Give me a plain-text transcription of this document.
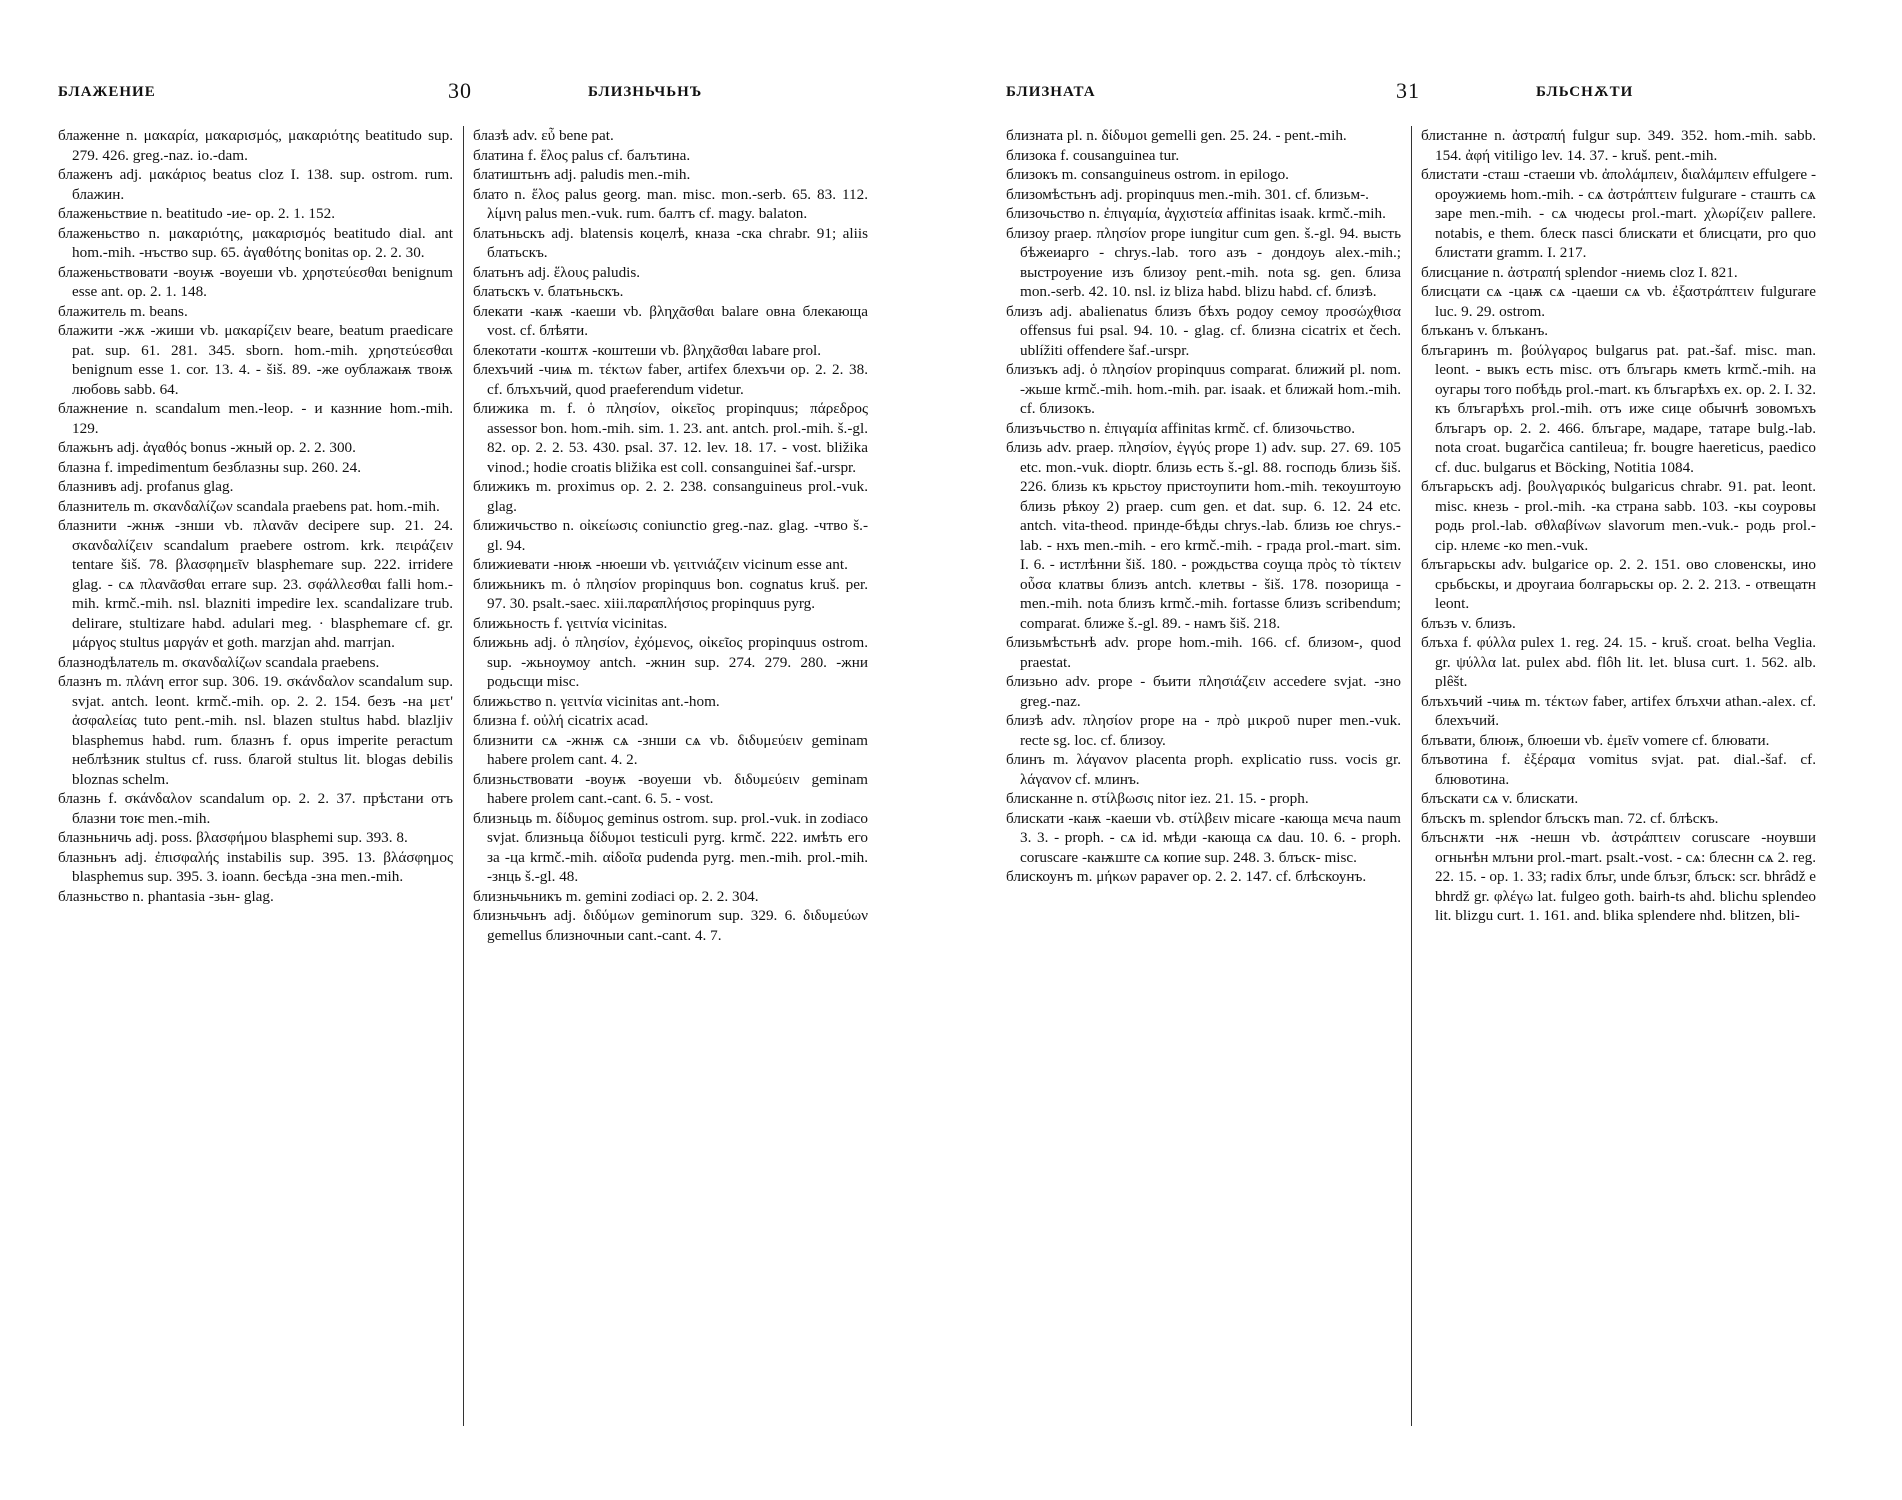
БЛАЖЕНИЕ	30	БЛИЗНЬЧЬНЪ

блаженне n. μακαρία, μακαρισμός, μακαριότης beatitudo sup. 279. 426. greg.-naz. io.-dam.

блаженъ adj. μακάριος beatus cloz I. 138. sup. ostrom. rum. блажин.

блаженьствие n. beatitudo -ие- op. 2. 1. 152.

блаженьство n. μακαριότης, μακαρισμός beatitudo dial. ant hom.-mih. -нъство sup. 65. ἀγαθότης bonitas op. 2. 2. 30.

блаженьствовати -воуѭ -воуеши vb. χρηστεύεσθαι benignum esse ant. op. 2. 1. 148.

блажитель m. beans.

блажити -жѫ -жиши vb. μακαρίζειν beare, beatum praedicare pat. sup. 61. 281. 345. sborn. hom.-mih. χρηστεύεσθαι benignum esse 1. cor. 13. 4. - šiš. 89. -же оублажаѭ твоѭ любовь sabb. 64.

блажнение n. scandalum men.-leop. - и казнние hom.-mih. 129.

блажьнъ adj. ἀγαθός bonus -жный op. 2. 2. 300.

блазна f. impedimentum безблазны sup. 260. 24.

блазнивъ adj. profanus glag.

блазнитель m. σκανδαλίζων scandala praebens pat. hom.-mih.

блазнити -жнѭ -знши vb. πλανᾶν decipere sup. 21. 24. σκανδαλίζειν scandalum praebere ostrom. krk. πειράζειν tentare šiš. 78. βλασφημεῖν blasphemare sup. 222. irridere glag. - сѧ πλανᾶσθαι errare sup. 23. σφάλλεσθαι falli hom.-mih. krmč.-mih. nsl. blazniti impedire lex. scandalizare trub. delirare, stultizare habd. adulari meg. · blasphemare cf. gr. μάργος stultus μαργάν et goth. marzjan ahd. marrjan.

блазнодѣлатель m. σκανδαλίζων scandala praebens.

блазнъ m. πλάνη error sup. 306. 19. σκάνδαλον scandalum sup. svjat. antch. leont. krmč.-mih. op. 2. 2. 154. безъ -на μετ' ἀσφαλείας tuto pent.-mih. nsl. blazen stultus habd. blazljiv blasphemus habd. rum. блазнъ f. opus imperite peractum неблѣзник stultus cf. russ. благой stultus lit. blogas debilis bloznas schelm.

блазнь f. σκάνδαλον scandalum op. 2. 2. 37. прѣстани отъ блазни тоѥ men.-mih.

блазньничь adj. poss. βλασφήμου blasphemi sup. 393. 8.

блазньнъ adj. ἐπισφαλής instabilis sup. 395. 13. βλάσφημος blasphemus sup. 395. 3. ioann. бесѣда -зна men.-mih.

блазньство n. phantasia -зьн- glag.

блазѣ adv. εὖ bene pat.

блатина f. ἕλος palus cf. балътина.

блатиштьнъ adj. paludis men.-mih.

блато n. ἕλος palus georg. man. misc. mon.-serb. 65. 83. 112. λίμνη palus men.-vuk. rum. балтъ cf. magy. balaton.

блатьньскъ adj. blatensis коцелѣ, кназа -ска chrabr. 91; aliis блатьскъ.

блатьнъ adj. ἕλους paludis.

блатьскъ v. блатьньскъ.

блекати -каѭ -каеши vb. βληχᾶσθαι balare овна блекающа vost. cf. блѣяти.

блекотати -коштѫ -коштеши vb. βληχᾶσθαι labare prol.

блехъчий -чиѩ m. τέκτων faber, artifex блехъчи op. 2. 2. 38. cf. блъхъчий, quod praeferendum videtur.

ближика m. f. ὁ πλησίον, οἰκεῖος propinquus; πάρεδρος assessor bon. hom.-mih. sim. 1. 23. ant. antch. prol.-mih. š.-gl. 82. op. 2. 2. 53. 430. psal. 37. 12. lev. 18. 17. - vost. bližika vinod.; hodie croatis bližika est coll. consanguinei šaf.-urspr.

ближикъ m. proximus op. 2. 2. 238. consanguineus prol.-vuk. glag.

ближичьство n. οἰκείωσις coniunctio greg.-naz. glag. -чтво š.-gl. 94.

ближиевати -нюѭ -нюеши vb. γειτνιάζειν vicinum esse ant.

ближьникъ m. ὁ πλησίον propinquus bon. cognatus kruš. per. 97. 30. psalt.-saec. xiii.παραπλήσιος propinquus pyrg.

ближьность f. γειτνία vicinitas.

ближьнь adj. ὁ πλησίον, ἐχόμενος, οἰκεῖος propinquus ostrom. sup. -жьноумоу antch. -жнин sup. 274. 279. 280. -жни родьсщи misc.

ближьство n. γειτνία vicinitas ant.-hom.

близна f. οὐλή cicatrix acad.

близнити сѧ -жнѭ сѧ -знши сѧ vb. διδυμεύειν geminam habere prolem cant. 4. 2.

близньствовати -воуѭ -воуеши vb. διδυμεύειν geminam habere prolem cant.-cant. 6. 5. - vost.

близньць m. δίδυμος geminus ostrom. sup. prol.-vuk. in zodiaco svjat. близньца δίδυμοι testiculi pyrg. krmč. 222. имѣть его за -ца krmč.-mih. αἰδοῖα pudenda pyrg. men.-mih. prol.-mih. -знць š.-gl. 48.

близньчьникъ m. gemini zodiaci op. 2. 2. 304.

близньчьнъ adj. διδύμων geminorum sup. 329. 6. διδυμεύων gemellus близночныи cant.-cant. 4. 7.

БЛИЗНАТА	31	БЛЬСНѪТИ

близната pl. n. δίδυμοι gemelli gen. 25. 24. - pent.-mih.

близока f. cousanguinea tur.

близокъ m. consanguineus ostrom. in epilogo.

близомѣстьнъ adj. propinquus men.-mih. 301. cf. близьм-.

близочьство n. ἐπιγαμία, ἀγχιστεία affinitas isaak. krmč.-mih.

близоу praep. πλησίον prope iungitur cum gen. š.-gl. 94. высть бѣжеиарго - chrys.-lab. того азъ - дондоуь alex.-mih.; выстроуение изъ близоу pent.-mih. nota sg. gen. близа mon.-serb. 42. 10. nsl. iz bliza habd. blizu habd. cf. близѣ.

близъ adj. abalienatus близъ бѣхъ родоу семоу προσώχθισα offensus fui psal. 94. 10. - glag. cf. близна cicatrix et čech. ublížiti offendere šaf.-urspr.

близъкъ adj. ὁ πλησίον propinquus comparat. ближий pl. nom. -жьше krmč.-mih. hom.-mih. par. isaak. et ближай hom.-mih. cf. близокъ.

близъчьство n. ἐπιγαμία affinitas krmč. cf. близочьство.

близь adv. praep. πλησίον, ἐγγύς prope 1) adv. sup. 27. 69. 105 etc. mon.-vuk. dioptr. близь есть š.-gl. 88. господь близь šiš. 226. близь къ крьстоу пристоупити hom.-mih. текоуштоую близь рѣкоу 2) praep. cum gen. et dat. sup. 6. 12. 24 etc. antch. vita-theod. принде-бѣды chrys.-lab. близь юе chrys.-lab. - нхъ men.-mih. - его krmč.-mih. - града prol.-mart. sim. I. 6. - истлѣнни šiš. 180. - рождьства соуща πρὸς τὸ τίκτειν οὖσα клатвы близъ antch. клетвы - šiš. 178. позорища - men.-mih. nota близъ krmč.-mih. fortasse близъ scribendum; comparat. ближе š.-gl. 89. - намъ šiš. 218.

близьмѣстьнѣ adv. prope hom.-mih. 166. cf. близом-, quod praestat.

близьно adv. prope - бъити πλησιάζειν accedere svjat. -зно greg.-naz.

близѣ adv. πλησίον prope на - πρὸ μικροῦ nuper men.-vuk. recte sg. loc. cf. близоу.

блинъ m. λάγανον placenta proph. explicatio russ. vocis gr. λάγανον cf. млинъ.

блисканне n. στίλβωσις nitor iez. 21. 15. - proph.

блискати -каѭ -каеши vb. στίλβειν micare -кающа мєча naum 3. 3. - proph. - сѧ id. мѣди -кающа сѧ dau. 10. 6. - proph. coruscare -каѭште сѧ копие sup. 248. 3. блъск- misc.

блискоунъ m. μήκων papaver op. 2. 2. 147. cf. блѣскоунъ.

блистанне n. ἀστραπή fulgur sup. 349. 352. hom.-mih. sabb. 154. ἀφή vitiligo lev. 14. 37. - kruš. pent.-mih.

блистати -сташ -стаеши vb. ἀπολάμπειν, διαλάμπειν effulgere - ороужиемь hom.-mih. - сѧ ἀστράπτειν fulgurare - сташть сѧ заре men.-mih. - сѧ чюдесы prol.-mart. χλωρίζειν pallere. notabis, e them. блеск пasci блискати et блисцати, pro quo блистати gramm. I. 217.

блисцание n. ἀστραπή splendor -ниемь cloz I. 821.

блисцати сѧ -цаѭ сѧ -цаеши сѧ vb. ἐξαστράπτειν fulgurare luc. 9. 29. ostrom.

блъканъ v. блъканъ.

блъгаринъ m. βούλγαρος bulgarus pat. pat.-šaf. misc. man. leont. - выкъ есть misc. отъ блъгарь кметь krmč.-mih. на оугары того побѣдь prol.-mart. къ блъгарѣхъ ex. op. 2. I. 32. къ блъгарѣхъ prol.-mih. отъ иже сице обычнѣ зовомъхъ блъгаръ op. 2. 2. 466. блъгаре, мадаре, татаре bulg.-lab. nota croat. bugarčica cantileua; fr. bougre haereticus, paedico cf. duc. bulgarus et Böcking, Notitia 1084.

блъгарьскъ adj. βουλγαρικός bulgaricus chrabr. 91. pat. leont. misc. кнезь - prol.-mih. -ка страна sabb. 103. -кы соуровы родь prol.-lab. σθλαβίνων slavorum men.-vuk.- родь prol.-cip. нлемє -ко men.-vuk.

блъгарьскы adv. bulgarice op. 2. 2. 151. ово словенскы, ино срьбьскы, и дроугаиа болгарьскы op. 2. 2. 213. - отвещатн leont.

блъзъ v. близъ.

блъха f. φύλλα pulex 1. reg. 24. 15. - kruš. croat. belha Veglia. gr. ψύλλα lat. pulex abd. flôh lit. let. blusa curt. 1. 562. alb. plêšt.

блъхъчий -чиѩ m. τέκτων faber, artifex блъхчи athan.-alex. cf. блехъчий.

блъвати, блюѭ, блюеши vb. ἐμεῖν vomere cf. блювати.

блъвотина f. ἐξέραμα vomitus svjat. pat. dial.-šaf. cf. блювотина.

блъскати сѧ v. блискати.

блъскъ m. splendor блъскъ man. 72. cf. блѣскъ.

блъснѫти -нѫ -нешн vb. ἀστράπτειν coruscare -ноувши огньнѣн млъни prol.-mart. psalt.-vost. - сѧ: блеснн сѧ 2. reg. 22. 15. - op. 1. 33; radix блъг, unde блъзг, блъск: scr. bhrâdž e bhrdž gr. φλέγω lat. fulgeo goth. bairh-ts ahd. blichu splendeo lit. blizgu curt. 1. 161. and. blika splendere nhd. blitzen, bli-
